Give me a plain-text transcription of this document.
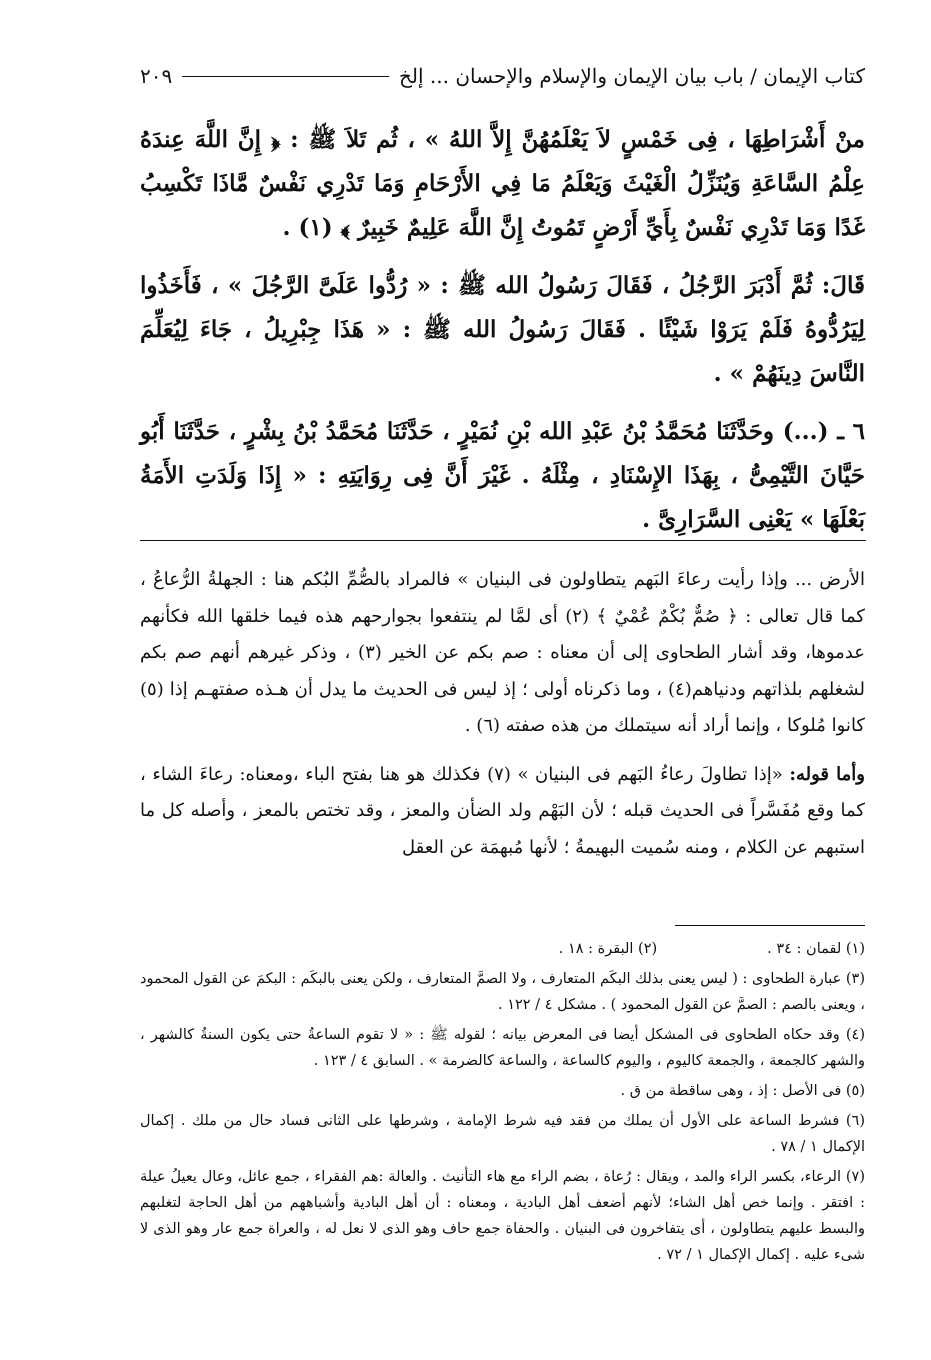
كتاب الإيمان / باب بيان الإيمان والإسلام والإحسان ... إلخ
٢٠٩

منْ أَشْرَاطِهَا ، فِى خَمْسٍ لاَ يَعْلَمُهُنَّ إِلاَّ اللهُ » ، ثُم تَلاَ ﷺ : ﴿ إِنَّ اللَّهَ عِندَهُ عِلْمُ السَّاعَةِ وَيُنَزِّلُ الْغَيْثَ وَيَعْلَمُ مَا فِي الأَرْحَامِ وَمَا تَدْرِي نَفْسٌ مَّاذَا تَكْسِبُ غَدًا وَمَا تَدْرِي نَفْسٌ بِأَيِّ أَرْضٍ تَمُوتُ إِنَّ اللَّهَ عَلِيمٌ خَبِيرٌ ﴾ (١) .

قَالَ: ثُمَّ أَدْبَرَ الرَّجُلُ ، فَقَالَ رَسُولُ الله ﷺ : « رُدُّوا عَلَىَّ الرَّجُلَ » ، فَأَخَذُوا لِيَرُدُّوهُ فَلَمْ يَرَوْا شَيْئًا . فَقَالَ رَسُولُ الله ﷺ : « هَذَا جِبْرِيلُ ، جَاءَ لِيُعَلِّمَ النَّاسَ دِينَهُمْ » .

٦ ـ (...) وحَدَّثَنَا مُحَمَّدُ بْنُ عَبْدِ الله بْنِ نُمَيْرٍ ، حَدَّثَنَا مُحَمَّدُ بْنُ بِشْرٍ ، حَدَّثَنَا أَبُو حَيَّانَ التَّيْمِىُّ ، بِهَذَا الإِسْنَادِ ، مِثْلَهُ . غَيْرَ أَنَّ فِى رِوَايَتِهِ : « إِذَا وَلَدَتِ الأَمَةُ بَعْلَهَا » يَعْنِى السَّرَارِىَّ .

الأرض ... وإذا رأيت رعاءَ البَهم يتطاولون فى البنيان » فالمراد بالصُّمِّ البُكم هنا : الجهلةُ الرُّعاعُ ، كما قال تعالى : ﴿ صُمٌّ بُكْمٌ عُمْيٌ ﴾ (٢) أى لمَّا لم ينتفعوا بجوارحهم هذه فيما خلقها الله فكأنهم عدموها، وقد أشار الطحاوى إلى أن معناه : صم بكم عن الخير (٣) ، وذكر غيرهم أنهم صم بكم لشغلهم بلذاتهم ودنياهم(٤) ، وما ذكرناه أولى ؛ إذ ليس فى الحديث ما يدل أن هـذه صفتهـم إذا (٥) كانوا مُلوكا ، وإنما أراد أنه سيتملك من هذه صفته (٦) .

وأما قوله: «إذا تطاولَ رعاءُ البَهم فى البنيان » (٧) فكذلك هو هنا بفتح الباء ،ومعناه: رعاءَ الشاء ، كما وقع مُفَسَّراً فى الحديث قبله ؛ لأن البَهْم ولد الضأن والمعز ، وقد تختص بالمعز ، وأصله كل ما استبهم عن الكلام ، ومنه سُميت البهيمةُ ؛ لأنها مُبهمَة عن العقل

(١) لقمان : ٣٤ .
(٢) البقرة : ١٨ .
(٣) عبارة الطحاوى : ( ليس يعنى بذلك البكَم المتعارف ، ولا الصمَّ المتعارف ، ولكن يعنى بالبكَم : البكمَ عن القول المحمود ، ويعنى بالصم : الصمَّ عن القول المحمود ) . مشكل ٤ / ١٢٢ .
(٤) وقد حكاه الطحاوى فى المشكل أيضا فى المعرض بيانه ؛ لقوله ﷺ : « لا تقوم الساعةُ حتى يكون السنةُ كالشهر ، والشهر كالجمعة ، والجمعة كاليوم ، واليوم كالساعة ، والساعة كالضرمة » . السابق ٤ / ١٢٣ .
(٥) فى الأصل : إذ ، وهى ساقطة من ق .
(٦) فشرط الساعة على الأول أن يملك من فقد فيه شرط الإمامة ، وشرطها على الثانى فساد حال من ملك . إكمال الإكمال ١ / ٧٨ .
(٧) الرعاء، بكسر الراء والمد ، ويقال : رُعاة ، بضم الراء مع هاء التأنيث . والعالة :هم الفقراء ، جمع عائل، وعال يعيلُ عيلة : افتقر . وإنما خص أهل الشاء؛ لأنهم أضعف أهل البادية ، ومعناه : أن أهل البادية وأشباههم من أهل الحاجة لتغلبهم والبسط عليهم يتطاولون ، أى يتفاخرون فى البنيان . والحفاة جمع حاف وهو الذى لا نعل له ، والعراة جمع عار وهو الذى لا شىء عليه . إكمال الإكمال ١ / ٧٢ .
